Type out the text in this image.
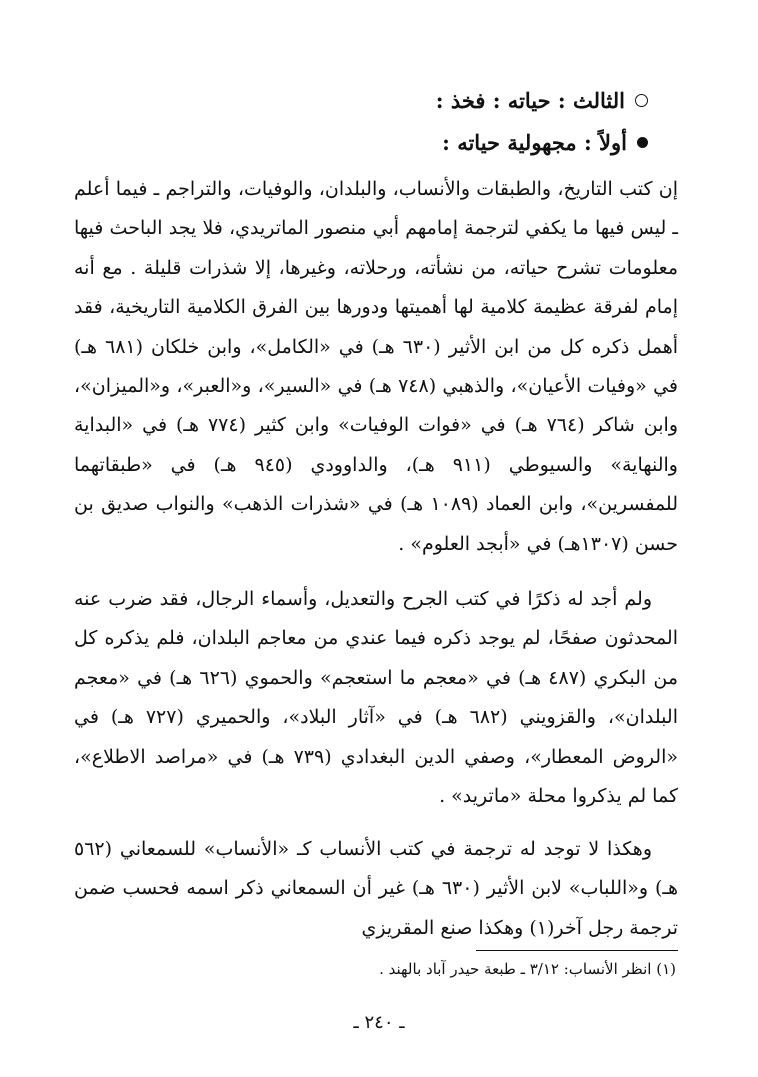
الثالث : حياته : فخذ :
أولاً : مجهولية حياته :

إن كتب التاريخ، والطبقات والأنساب، والبلدان، والوفيات، والتراجم ـ فيما أعلم ـ ليس فيها ما يكفي لترجمة إمامهم أبي منصور الماتريدي، فلا يجد الباحث فيها معلومات تشرح حياته، من نشأته، ورحلاته، وغيرها، إلا شذرات قليلة . مع أنه إمام لفرقة عظيمة كلامية لها أهميتها ودورها بين الفرق الكلامية التاريخية، فقد أهمل ذكره كل من ابن الأثير (٦٣٠ هـ) في «الكامل»، وابن خلكان (٦٨١ هـ) في «وفيات الأعيان»، والذهبي (٧٤٨ هـ) في «السير»، و«العبر»، و«الميزان»، وابن شاكر (٧٦٤ هـ) في «فوات الوفيات» وابن كثير (٧٧٤ هـ) في «البداية والنهاية» والسيوطي (٩١١ هـ)، والداوودي (٩٤٥ هـ) في «طبقاتهما للمفسرين»، وابن العماد (١٠٨٩ هـ) في «شذرات الذهب» والنواب صديق بن حسن (١٣٠٧هـ) في «أبجد العلوم» .

ولم أجد له ذكرًا في كتب الجرح والتعديل، وأسماء الرجال، فقد ضرب عنه المحدثون صفحًا، لم يوجد ذكره فيما عندي من معاجم البلدان، فلم يذكره كل من البكري (٤٨٧ هـ) في «معجم ما استعجم» والحموي (٦٢٦ هـ) في «معجم البلدان»، والقزويني (٦٨٢ هـ) في «آثار البلاد»، والحميري (٧٢٧ هـ) في «الروض المعطار»، وصفي الدين البغدادي (٧٣٩ هـ) في «مراصد الاطلاع»، كما لم يذكروا محلة «ماتريد» .

وهكذا لا توجد له ترجمة في كتب الأنساب كـ «الأنساب» للسمعاني (٥٦٢ هـ) و«اللباب» لابن الأثير (٦٣٠ هـ) غير أن السمعاني ذكر اسمه فحسب ضمن ترجمة رجل آخر(١) وهكذا صنع المقريزي

(١) انظر الأنساب: ٣/١٢ ـ طبعة حيدر آباد بالهند .
ـ ٢٤٠ ـ
